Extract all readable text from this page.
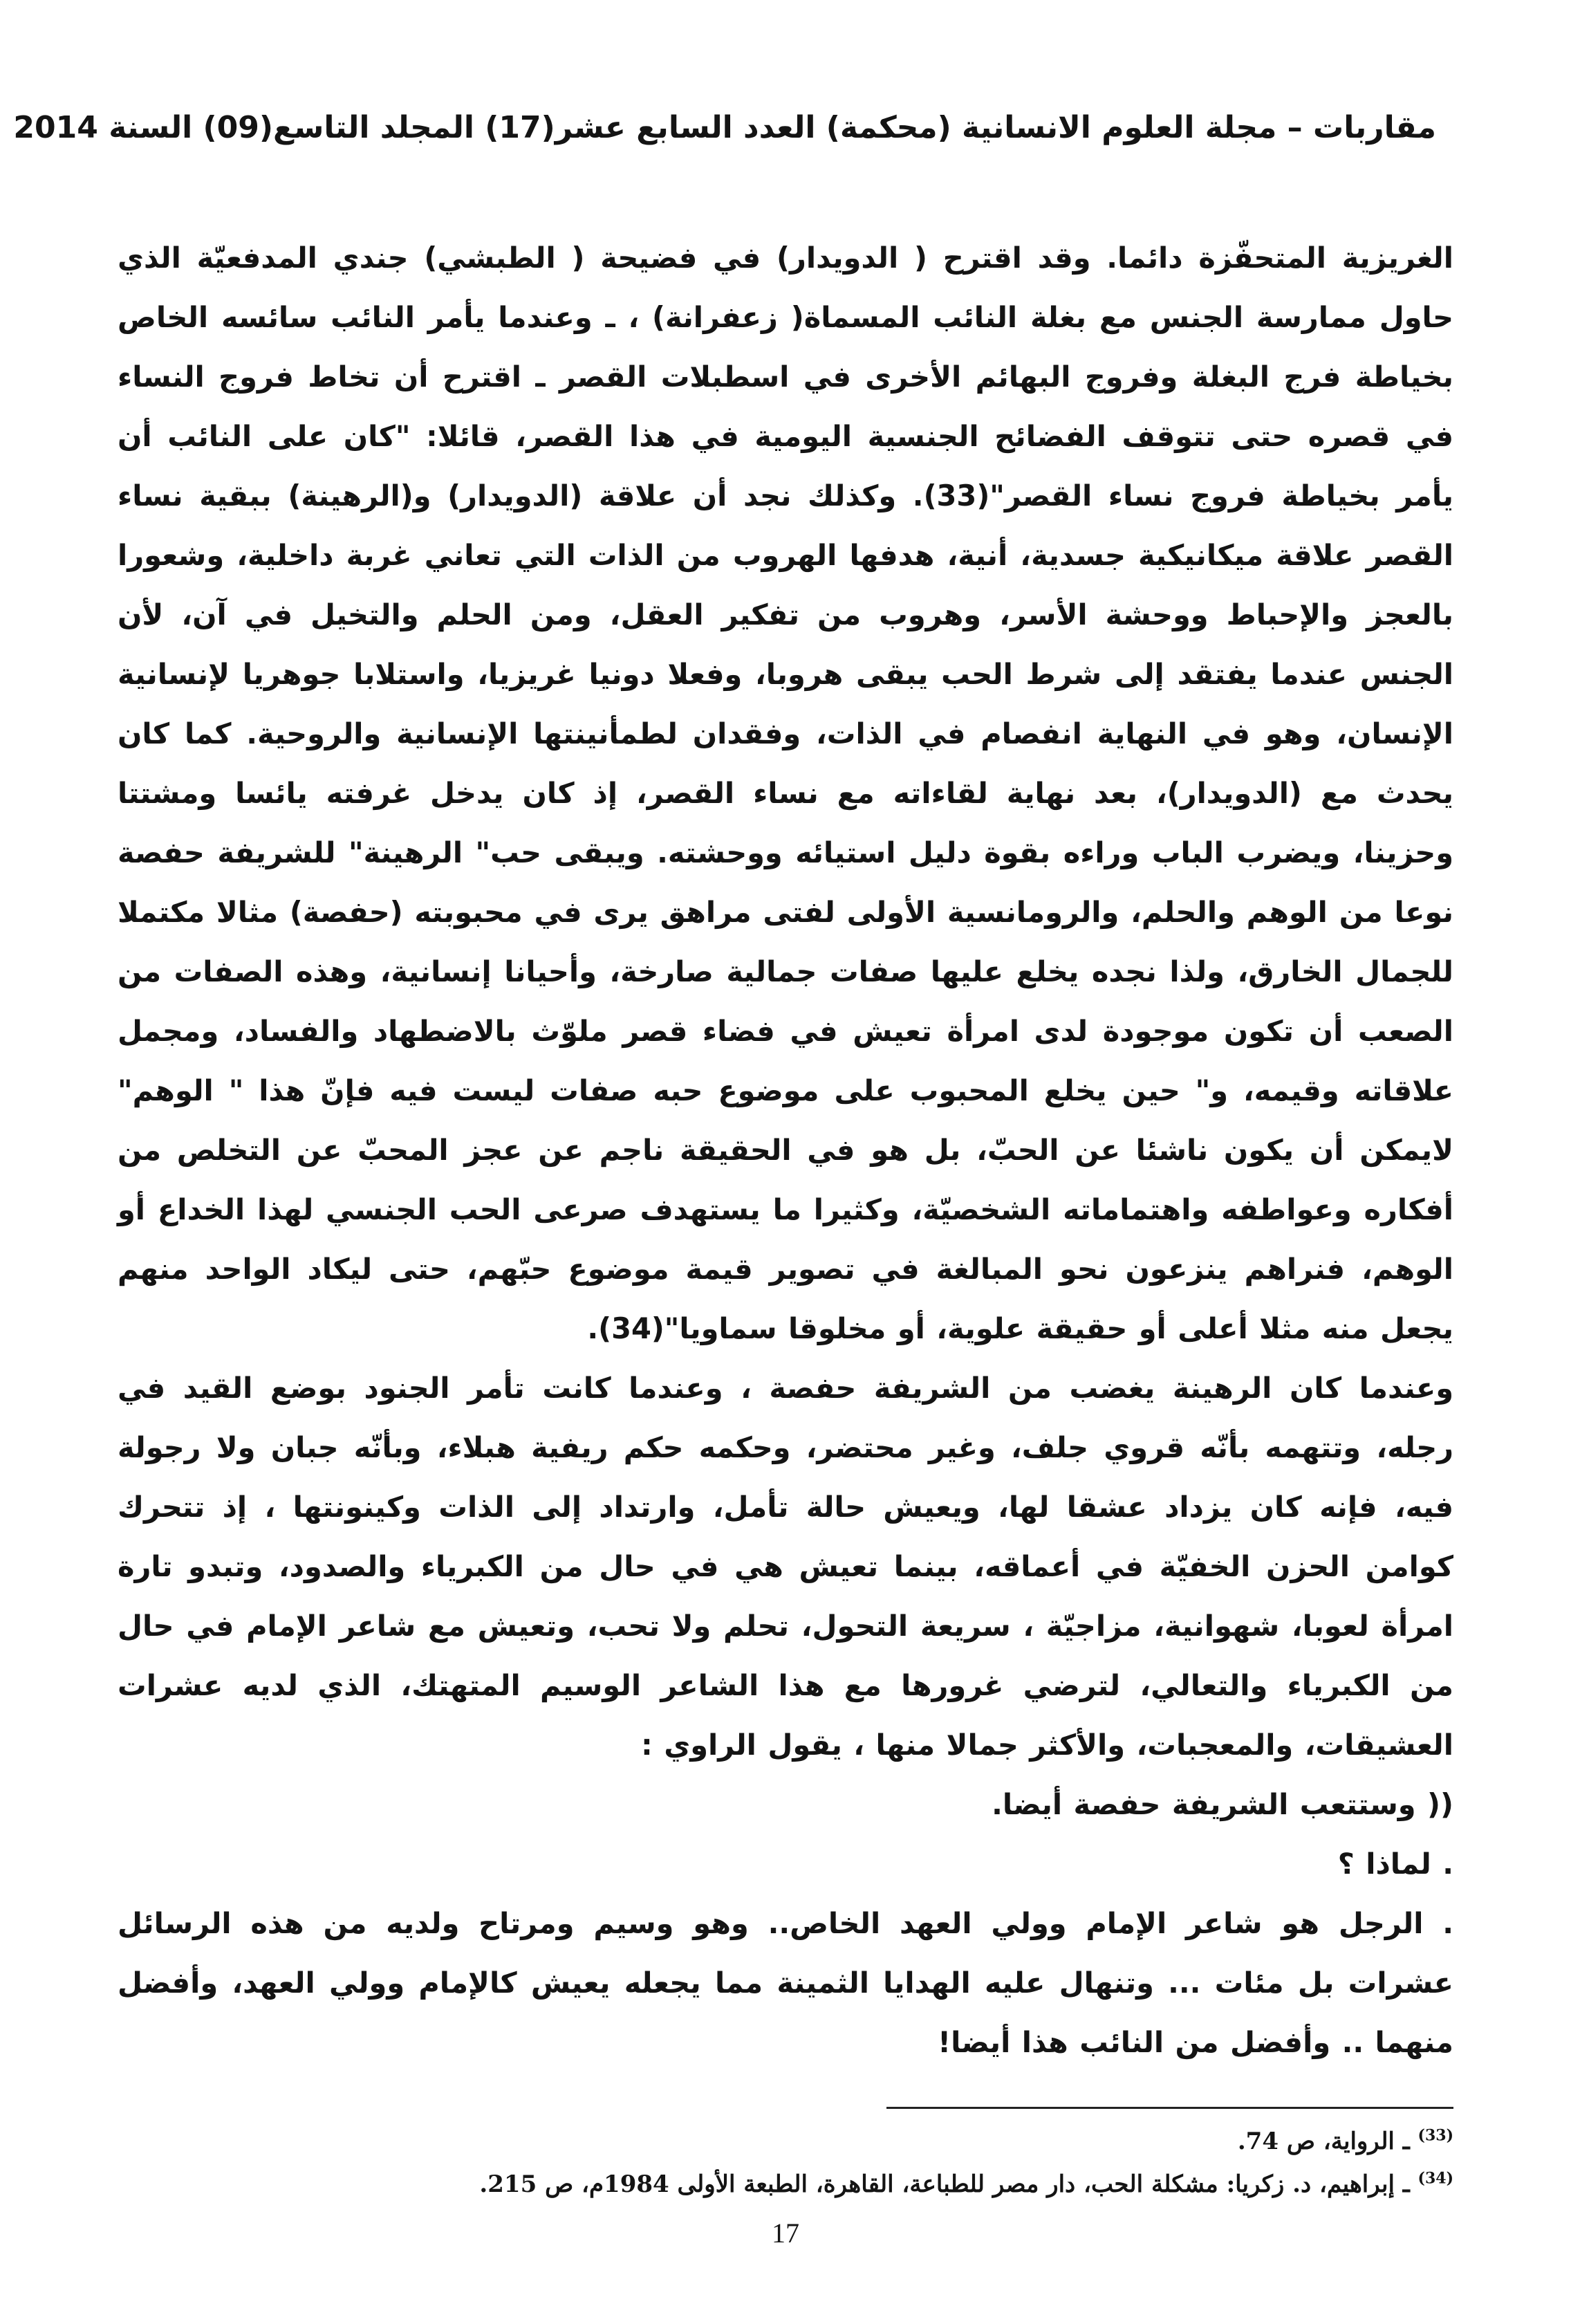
مقاربات – مجلة العلوم الانسانية (محكمة) العدد السابع عشر(17) المجلد التاسع(09) السنة 2014

الغريزية المتحفّزة دائما. وقد اقترح ( الدويدار) في فضيحة ( الطبشي) جندي المدفعيّة الذي حاول ممارسة الجنس مع بغلة النائب المسماة( زعفرانة) ، ـ وعندما يأمر النائب سائسه الخاص بخياطة فرج البغلة وفروج البهائم الأخرى في اسطبلات القصر ـ اقترح أن تخاط فروج النساء في قصره حتى تتوقف الفضائح الجنسية اليومية في هذا القصر، قائلا: "كان على النائب أن يأمر بخياطة فروج نساء القصر"(33). وكذلك نجد أن علاقة (الدويدار) و(الرهينة) ببقية نساء القصر علاقة ميكانيكية جسدية، أنية، هدفها الهروب من الذات التي تعاني غربة داخلية، وشعورا بالعجز والإحباط ووحشة الأسر، وهروب من تفكير العقل، ومن الحلم والتخيل في آن، لأن الجنس عندما يفتقد إلى شرط الحب يبقى هروبا، وفعلا دونيا غريزيا، واستلابا جوهريا لإنسانية الإنسان، وهو في النهاية انفصام في الذات، وفقدان لطمأنينتها الإنسانية والروحية. كما كان يحدث مع (الدويدار)، بعد نهاية لقاءاته مع نساء القصر، إذ كان يدخل غرفته يائسا ومشتتا وحزينا، ويضرب الباب وراءه بقوة دليل استيائه ووحشته. ويبقى حب" الرهينة" للشريفة حفصة نوعا من الوهم والحلم، والرومانسية الأولى لفتى مراهق يرى في محبوبته (حفصة) مثالا مكتملا للجمال الخارق، ولذا نجده يخلع عليها صفات جمالية صارخة، وأحيانا إنسانية، وهذه الصفات من الصعب أن تكون موجودة لدى امرأة تعيش في فضاء قصر ملوّث بالاضطهاد والفساد، ومجمل علاقاته وقيمه، و" حين يخلع المحبوب على موضوع حبه صفات ليست فيه فإنّ هذا " الوهم" لايمكن أن يكون ناشئا عن الحبّ، بل هو في الحقيقة ناجم عن عجز المحبّ عن التخلص من أفكاره وعواطفه واهتماماته الشخصيّة، وكثيرا ما يستهدف صرعى الحب الجنسي لهذا الخداع أو الوهم، فنراهم ينزعون نحو المبالغة في تصوير قيمة موضوع حبّهم، حتى ليكاد الواحد منهم يجعل منه مثلا أعلى أو حقيقة علوية، أو مخلوقا سماويا"(34).

وعندما كان الرهينة يغضب من الشريفة حفصة ، وعندما كانت تأمر الجنود بوضع القيد في رجله، وتتهمه بأنّه قروي جلف، وغير محتضر، وحكمه حكم ريفية هبلاء، وبأنّه جبان ولا رجولة فيه، فإنه كان يزداد عشقا لها، ويعيش حالة تأمل، وارتداد إلى الذات وكينونتها ، إذ تتحرك كوامن الحزن الخفيّة في أعماقه، بينما تعيش هي في حال من الكبرياء والصدود، وتبدو تارة امرأة لعوبا، شهوانية، مزاجيّة ، سريعة التحول، تحلم ولا تحب، وتعيش مع شاعر الإمام في حال من الكبرياء والتعالي، لترضي غرورها مع هذا الشاعر الوسيم المتهتك، الذي لديه عشرات العشيقات، والمعجبات، والأكثر جمالا منها ، يقول الراوي :

(( وستتعب الشريفة حفصة أيضا.

. لماذا ؟

. الرجل هو شاعر الإمام وولي العهد الخاص.. وهو وسيم ومرتاح ولديه من هذه الرسائل عشرات بل مئات ... وتنهال عليه الهدايا الثمينة مما يجعله يعيش كالإمام وولي العهد، وأفضل منهما .. وأفضل من النائب هذا أيضا!

$^{(33)}$ ـ الرواية، ص 74.

$^{(34)}$ ـ إبراهيم، د. زكريا: مشكلة الحب، دار مصر للطباعة، القاهرة، الطبعة الأولى 1984م، ص 215.

17
